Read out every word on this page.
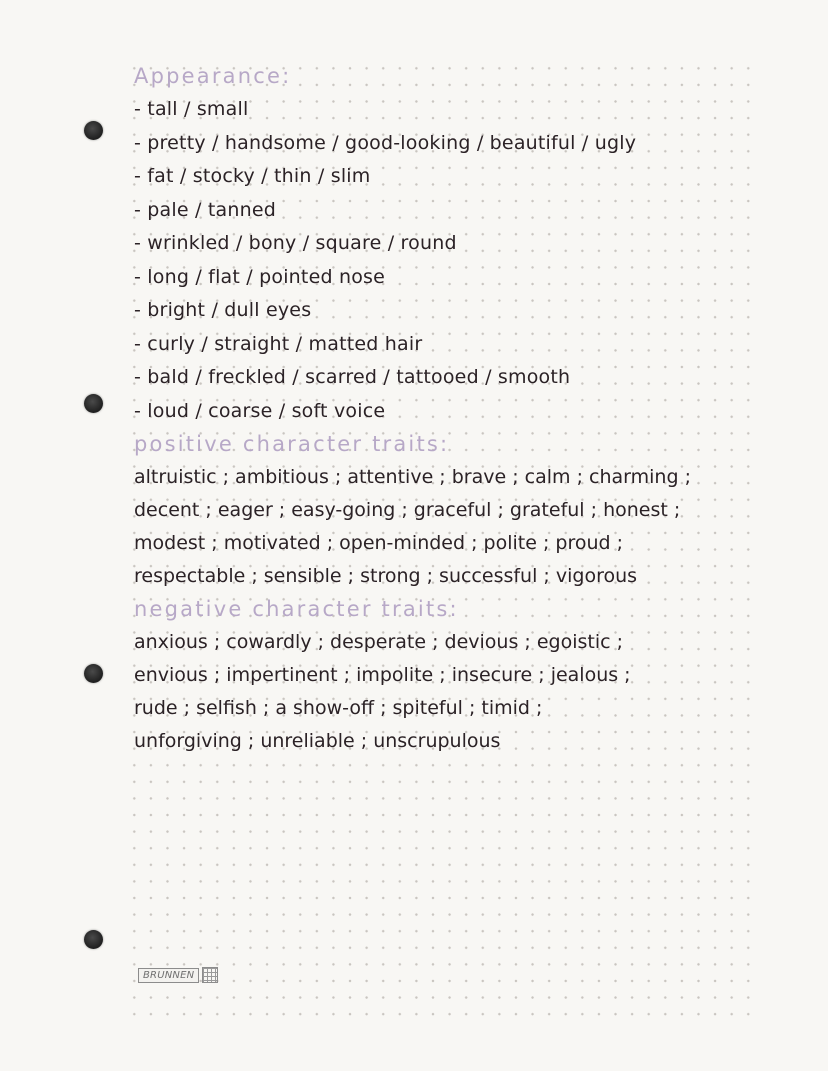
Appearance:
- tall / small
- pretty / handsome / good-looking / beautiful / ugly
- fat / stocky / thin / slim
- pale / tanned
- wrinkled / bony / square / round
- long / flat / pointed nose
- bright / dull eyes
- curly / straight / matted hair
- bald / freckled / scarred / tattooed / smooth
- loud / coarse / soft voice
positive character traits:
altruistic ; ambitious ; attentive ; brave ; calm ; charming ;
decent ; eager ; easy-going ; graceful ; grateful ; honest ;
modest ; motivated ; open-minded ; polite ; proud ;
respectable ; sensible ; strong ; successful ; vigorous
negative character traits:
anxious ; cowardly ; desperate ; devious ; egoistic ;
envious ; impertinent ; impolite ; insecure ; jealous ;
rude ; selfish ; a show-off ; spiteful ; timid ;
unforgiving ; unreliable ; unscrupulous
BRUNNEN
